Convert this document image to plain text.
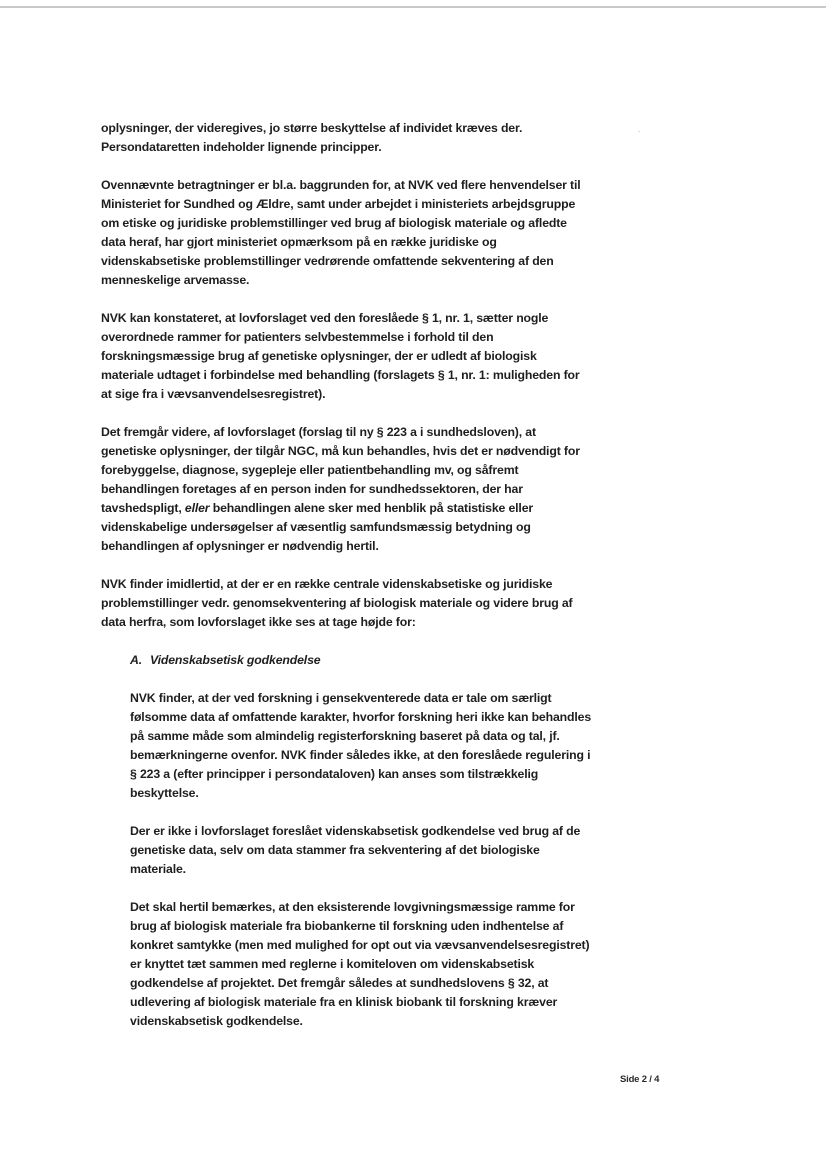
oplysninger, der videregives, jo større beskyttelse af individet kræves der. Persondataretten indeholder lignende principper.

Ovennævnte betragtninger er bl.a. baggrunden for, at NVK ved flere henvendelser til Ministeriet for Sundhed og Ældre, samt under arbejdet i ministeriets arbejdsgruppe om etiske og juridiske problemstillinger ved brug af biologisk materiale og afledte data heraf, har gjort ministeriet opmærksom på en række juridiske og videnskabsetiske problemstillinger vedrørende omfattende sekventering af den menneskelige arvemasse.

NVK kan konstateret, at lovforslaget ved den foreslåede § 1, nr. 1, sætter nogle overordnede rammer for patienters selvbestemmelse i forhold til den forskningsmæssige brug af genetiske oplysninger, der er udledt af biologisk materiale udtaget i forbindelse med behandling (forslagets § 1, nr. 1: muligheden for at sige fra i vævsanvendelsesregistret).

Det fremgår videre, af lovforslaget (forslag til ny § 223 a i sundhedsloven), at genetiske oplysninger, der tilgår NGC, må kun behandles, hvis det er nødvendigt for forebyggelse, diagnose, sygepleje eller patientbehandling mv, og såfremt behandlingen foretages af en person inden for sundhedssektoren, der har tavshedspligt, eller behandlingen alene sker med henblik på statistiske eller videnskabelige undersøgelser af væsentlig samfundsmæssig betydning og behandlingen af oplysninger er nødvendig hertil.

NVK finder imidlertid, at der er en række centrale videnskabsetiske og juridiske problemstillinger vedr. genomsekventering af biologisk materiale og videre brug af data herfra, som lovforslaget ikke ses at tage højde for:

A. Videnskabsetisk godkendelse

NVK finder, at der ved forskning i gensekventerede data er tale om særligt følsomme data af omfattende karakter, hvorfor forskning heri ikke kan behandles på samme måde som almindelig registerforskning baseret på data og tal, jf. bemærkningerne ovenfor. NVK finder således ikke, at den foreslåede regulering i § 223 a (efter principper i persondataloven) kan anses som tilstrækkelig beskyttelse.

Der er ikke i lovforslaget foreslået videnskabsetisk godkendelse ved brug af de genetiske data, selv om data stammer fra sekventering af det biologiske materiale.

Det skal hertil bemærkes, at den eksisterende lovgivningsmæssige ramme for brug af biologisk materiale fra biobankerne til forskning uden indhentelse af konkret samtykke (men med mulighed for opt out via vævsanvendelsesregistret) er knyttet tæt sammen med reglerne i komiteloven om videnskabsetisk godkendelse af projektet. Det fremgår således at sundhedslovens § 32, at udlevering af biologisk materiale fra en klinisk biobank til forskning kræver videnskabsetisk godkendelse.

Side 2 / 4
